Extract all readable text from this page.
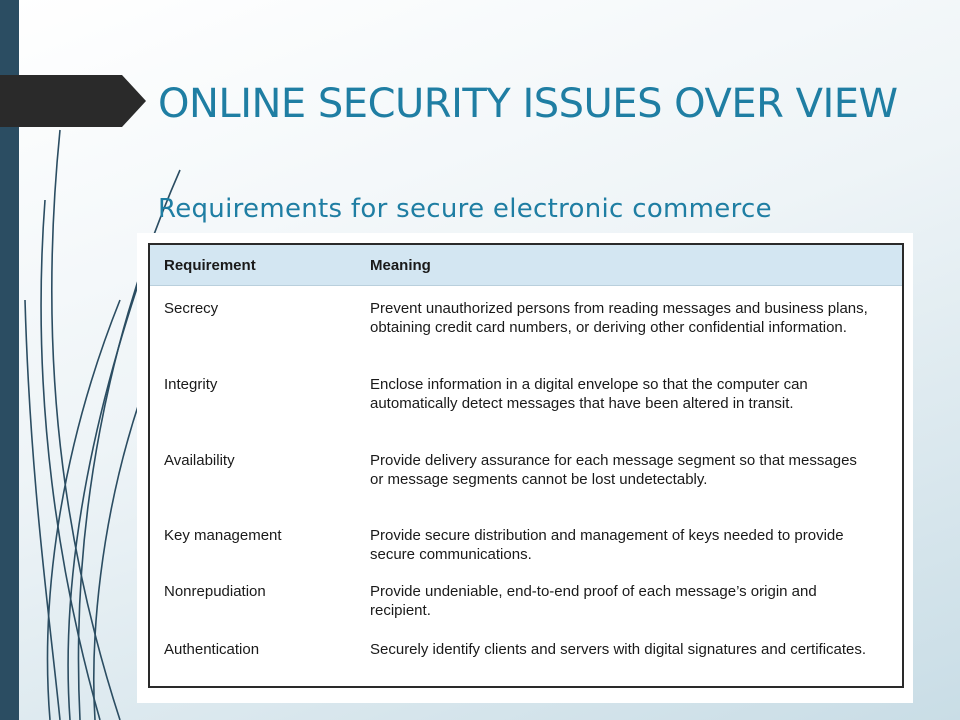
ONLINE SECURITY ISSUES OVER VIEW

Requirements for secure electronic commerce

Requirement	Meaning
Secrecy	Prevent unauthorized persons from reading messages and business plans, obtaining credit card numbers, or deriving other confidential information.
Integrity	Enclose information in a digital envelope so that the computer can automatically detect messages that have been altered in transit.
Availability	Provide delivery assurance for each message segment so that messages or message segments cannot be lost undetectably.
Key management	Provide secure distribution and management of keys needed to provide secure communications.
Nonrepudiation	Provide undeniable, end-to-end proof of each message’s origin and recipient.
Authentication	Securely identify clients and servers with digital signatures and certificates.
